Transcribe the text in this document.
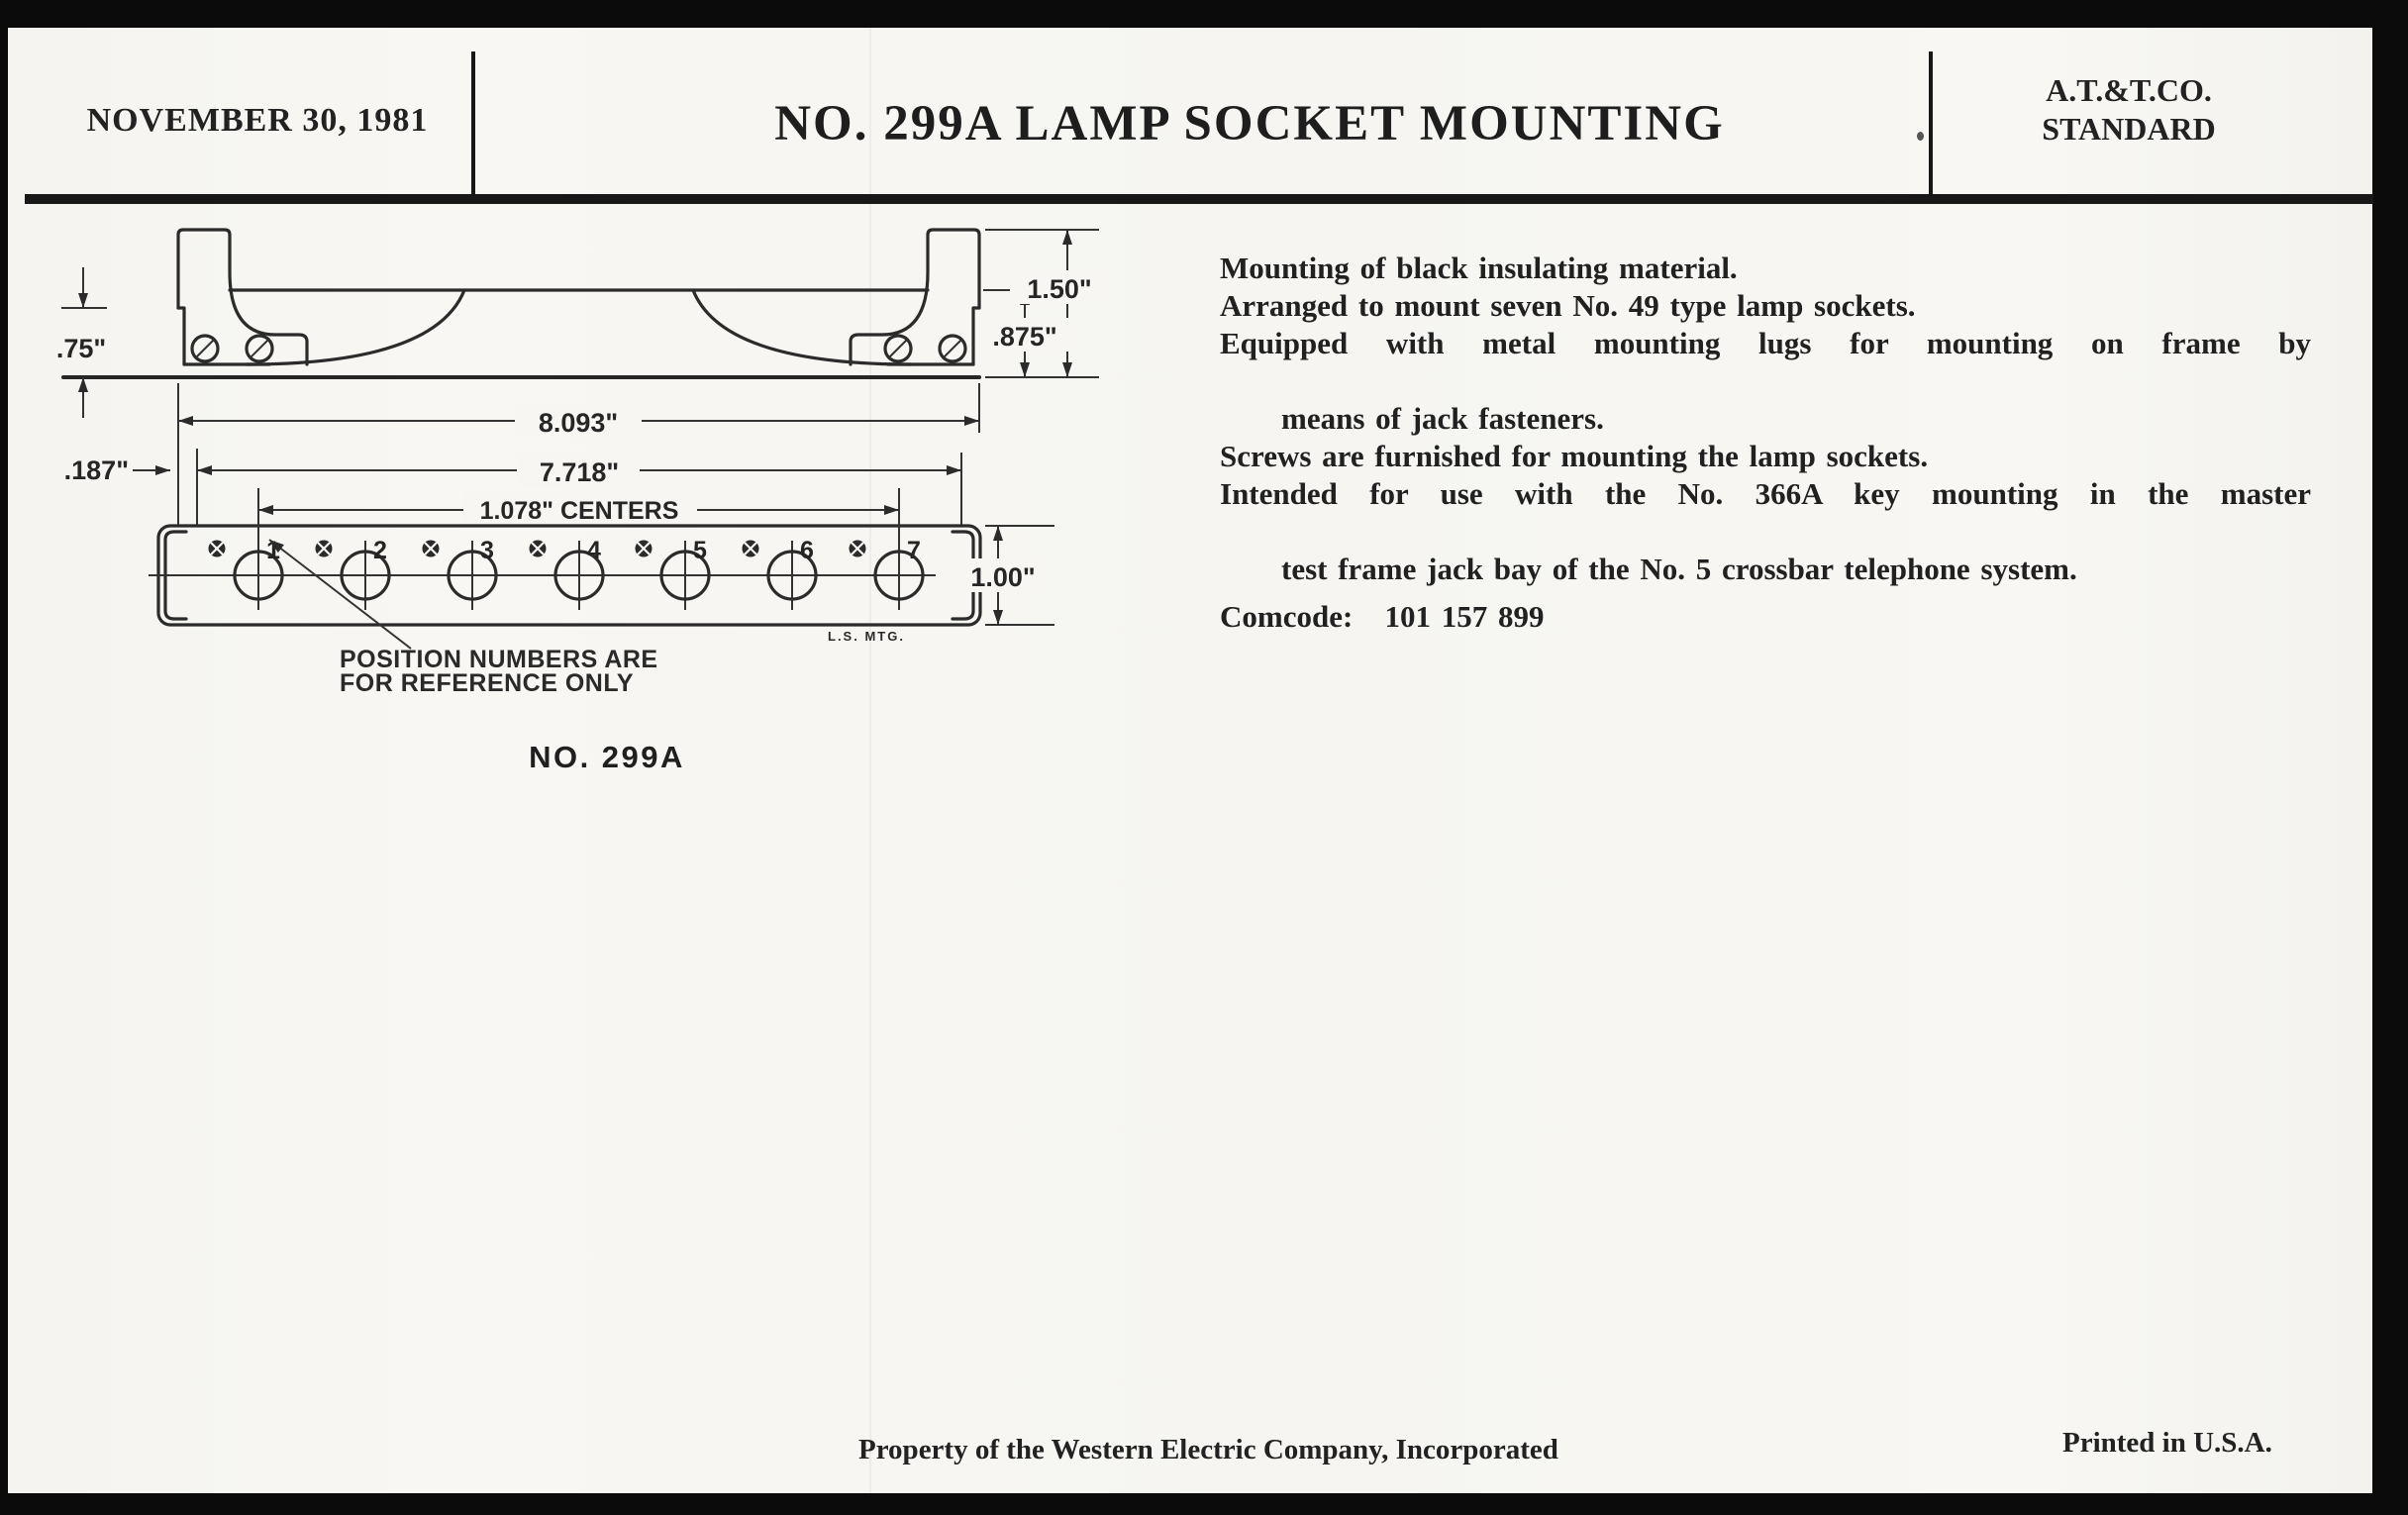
NOVEMBER 30, 1981	NO. 299A LAMP SOCKET MOUNTING
A.T.&T.CO.
STANDARD
.75"
1.50"
.875"
8.093"
7.718"
.187"
1.078" CENTERS
1	2	3	4	5	6	7
1.00"
L.S. MTG.
POSITION NUMBERS ARE
FOR REFERENCE ONLY
NO. 299A
Mounting of black insulating material.
Arranged to mount seven No. 49 type lamp sockets.
Equipped with metal mounting lugs for mounting on frame by
means of jack fasteners.
Screws are furnished for mounting the lamp sockets.
Intended for use with the No. 366A key mounting in the master
test frame jack bay of the No. 5 crossbar telephone system.
Comcode:   101 157 899
Property of the Western Electric Company, Incorporated	Printed in U.S.A.
